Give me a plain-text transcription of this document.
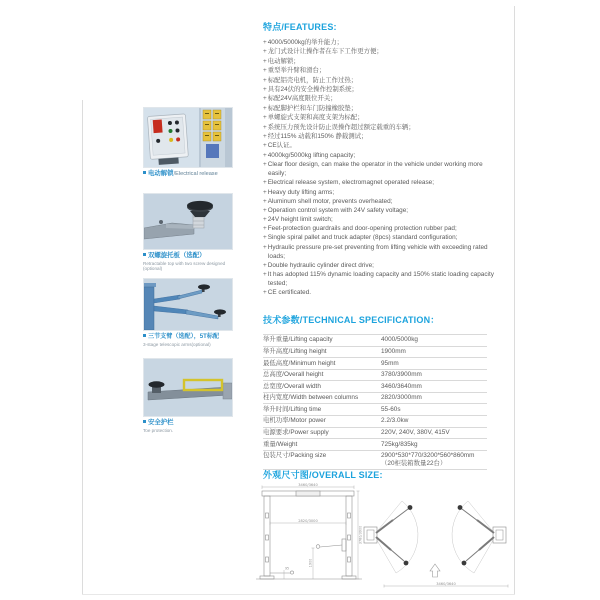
电动解锁/Electrical release
双螺旋托板（选配）
Retractable top with two screw designed (optional)
三节支臂（选配），5T标配
3-stage telescopic arms(optional)
安全护栏
Toe protection.
特点/FEATURES:
+ 4000/5000kg的举升能力；
+ 龙门式设计让操作者在车下工作更方便；
+ 电动解锁；
+ 重型举升臂和滑台；
+ 标配铝壳电机，防止工作过热；
+ 具有24伏的安全操作控制系统；
+ 标配24V高度限位开关；
+ 标配脚护栏和车门防撞橡胶垫；
+ 单螺旋式支架和高度支架为标配；
+ 系统压力预先设计防止误操作超过额定载重的车辆；
+ 经过115% 动载和150% 静载测试；
+ CE认证。
+ 4000kg/5000kg lifting capacity;
+ Clear floor design, can make the operator in the vehicle under working more easily;
+ Electrical release system, electromagnet operated release;
+ Heavy duty lifting arms;
+ Aluminum shell motor, prevents overheated;
+ Operation control system with 24V safety voltage;
+ 24V height limit switch;
+ Feet-protection guardrails and door-opening protection rubber pad;
+ Single spiral pallet and truck adapter (8pcs) standard configuration;
+ Hydraulic pressure pre-set preventing from lifting vehicle with exceeding rated loads;
+ Double hydraulic cylinder direct drive;
+ It has adopted 115% dynamic loading capacity and 150% static loading capacity tested;
+ CE certificated.
技术参数/TECHNICAL SPECIFICATION：
举升重量/Lifting capacity	4000/5000kg
举升高度/Lifting height	1900mm
最低高度/Minimum height	95mm
总高度/Overall height	3780/3900mm
总宽度/Overall width	3460/3640mm
柱内宽度/Width between columns	2820/3000mm
举升时间/Lifting time	55-60s
电机功率/Motor power	2.2/3.0kw
电源要求/Power supply	220V, 240V, 380V, 415V
重量/Weight	725kg/835kg
包装尺寸/Packing size	2900*530*770/3200*560*860mm
（20柜装箱数量22台）
外观尺寸图/OVERALL SIZE:
3460/3640
2820/3000
3780/3900
1900
95
3460/3640
